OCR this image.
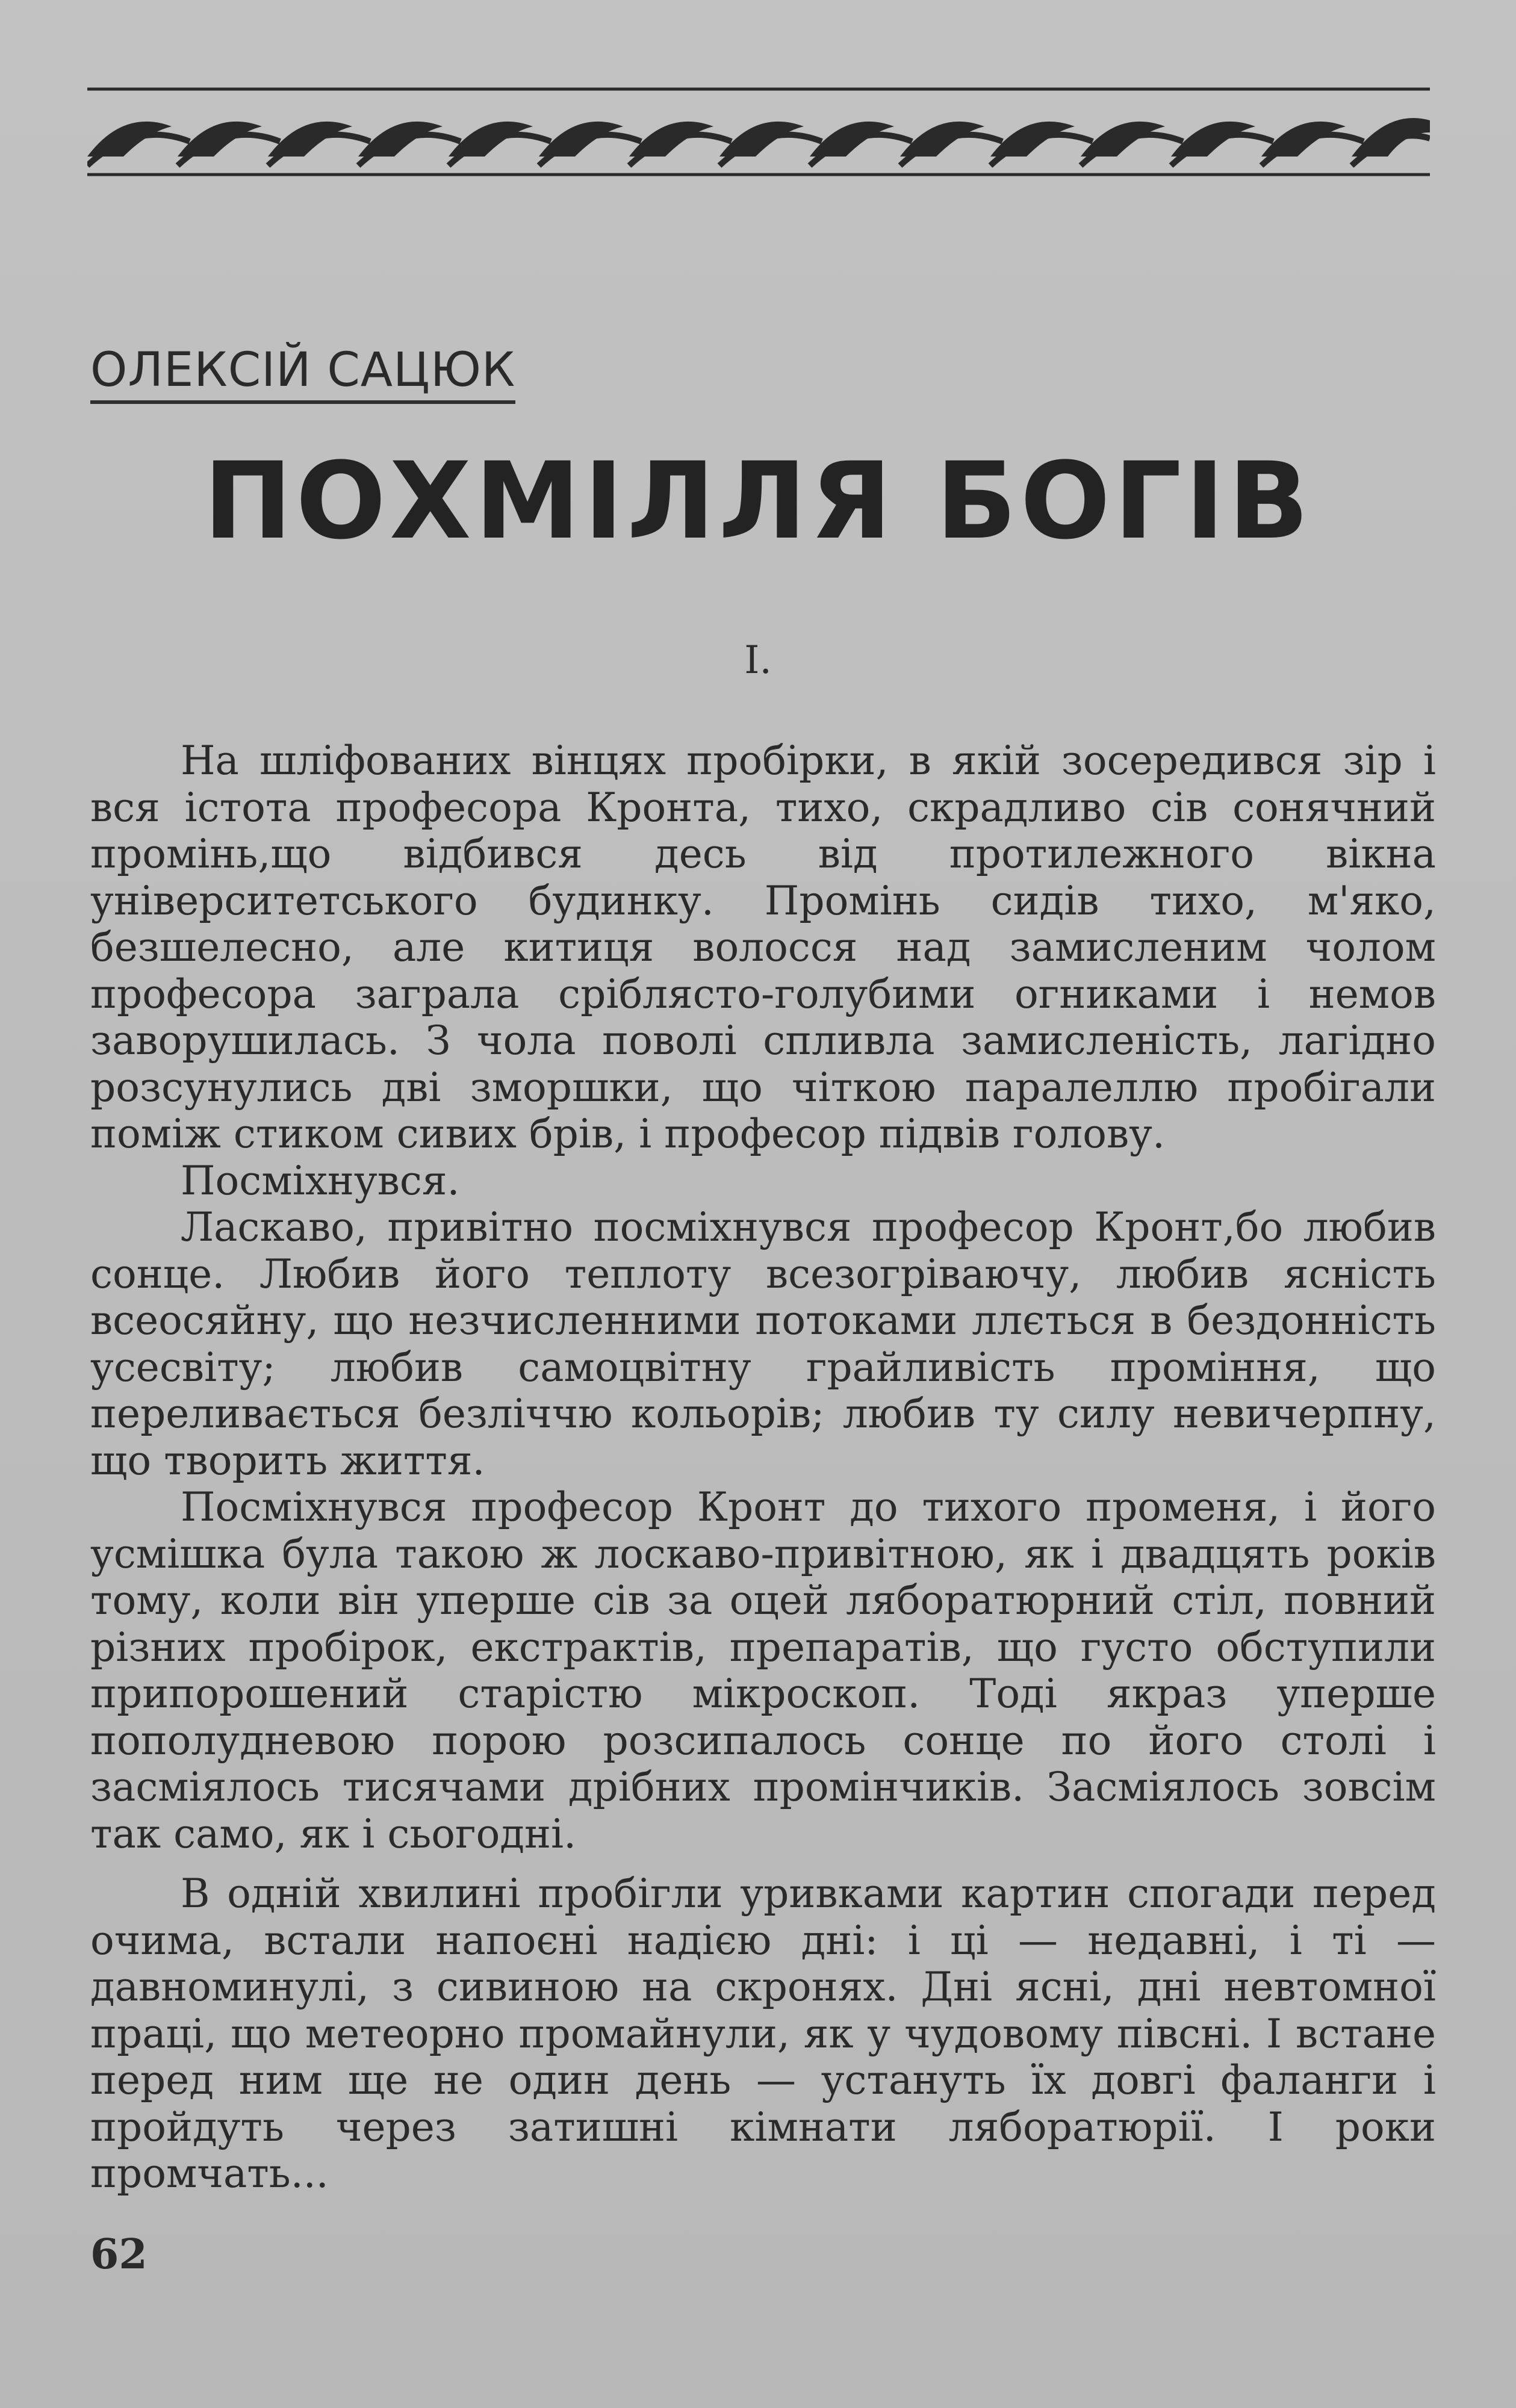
ОЛЕКСІЙ САЦЮК
ПОХМІЛЛЯ БОГІВ
I.

На шліфованих вінцях пробірки, в якій зосередився зір і вся істота професора Кронта, тихо, скрадливо сів сонячний промінь,що відбився десь від протилежного вікна університетського будинку. Промінь сидів тихо, м'яко, безшелесно, але китиця волосся над замисленим чолом професора заграла сріблясто-голубими огниками і немов заворушилась. З чола поволі спливла замисленість, лагідно розсунулись дві зморшки, що чіткою паралеллю пробігали поміж стиком сивих брів, і професор підвів голову.

Посміхнувся.

Ласкаво, привітно посміхнувся професор Кронт,бо любив сонце. Любив його теплоту всезогріваючу, любив ясність всеосяйну, що незчисленними потоками ллється в бездонність усесвіту; любив самоцвітну грайливість проміння, що переливається безліччю кольорів; любив ту силу невичерпну, що творить життя.

Посміхнувся професор Кронт до тихого променя, і його усмішка була такою ж лоскаво-привітною, як і двадцять років тому, коли він уперше сів за оцей ляборатюрний стіл, повний різних пробірок, екстрактів, препаратів, що густо обступили припорошений старістю мікроскоп. Тоді якраз уперше пополудневою порою розсипалось сонце по його столі і засміялось тисячами дрібних промінчиків. Засміялось зовсім так само, як і сьогодні.

В одній хвилині пробігли уривками картин спогади перед очима, встали напоєні надією дні: і ці — недавні, і ті — давноминулі, з сивиною на скронях. Дні ясні, дні невтомної праці, що метеорно промайнули, як у чудовому півсні. І встане перед ним ще не один день — устануть їх довгі фаланги і пройдуть через затишні кімнати ляборатюрії. І роки промчать...

62
